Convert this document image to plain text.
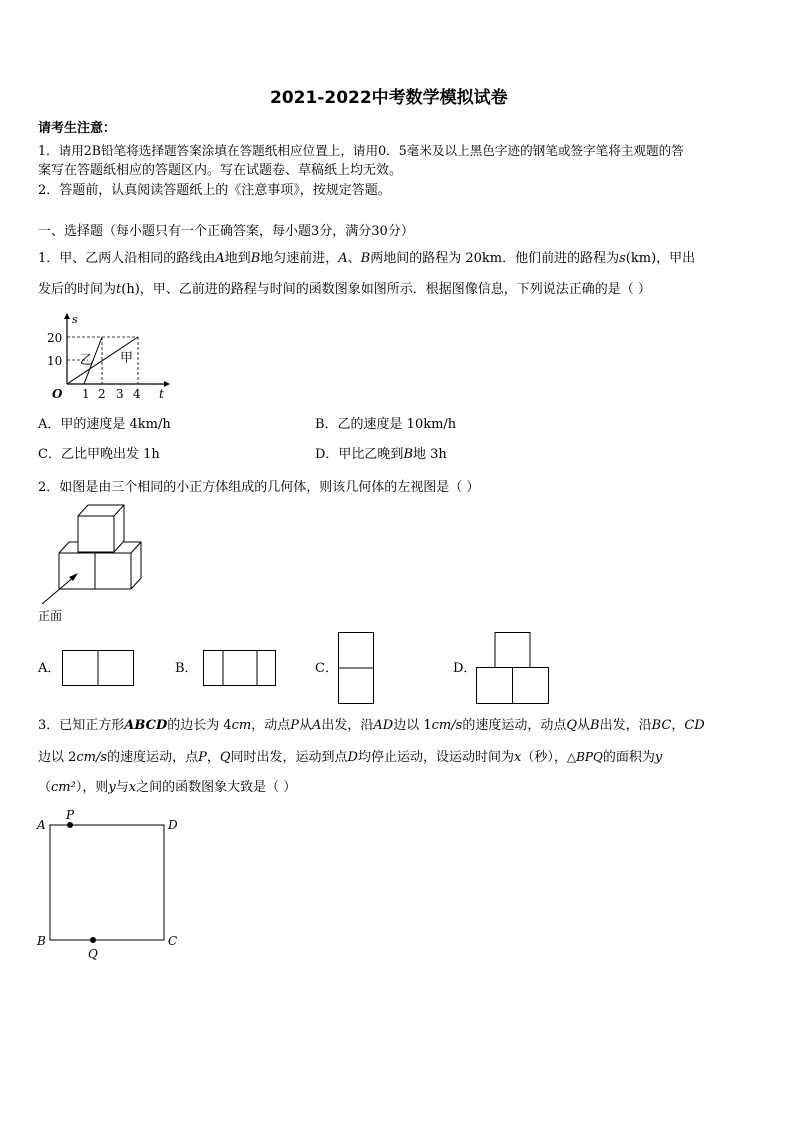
2021-2022中考数学模拟试卷
请考生注意：
1．请用2B铅笔将选择题答案涂填在答题纸相应位置上，请用0．5毫米及以上黑色字迹的钢笔或签字笔将主观题的答
案写在答题纸相应的答题区内。写在试题卷、草稿纸上均无效。
2．答题前，认真阅读答题纸上的《注意事项》，按规定答题。
一、选择题（每小题只有一个正确答案，每小题3分，满分30分）
1．甲、乙两人沿相同的路线由A地到B地匀速前进，A、B两地间的路程为 20km．他们前进的路程为s(km)，甲出
发后的时间为t(h)，甲、乙前进的路程与时间的函数图象如图所示．根据图像信息，下列说法正确的是（ ）
s
t
O
20
10
1 2 3 4
乙 甲
A．甲的速度是 4km/h	B．乙的速度是 10km/h
C．乙比甲晚出发 1h	D．甲比乙晚到B地 3h
2．如图是由三个相同的小正方体组成的几何体，则该几何体的左视图是（ ）
正面
A．	B．	C．	D．
3．已知正方形ABCD的边长为 4cm，动点P从A出发，沿AD边以 1cm/s的速度运动，动点Q从B出发，沿BC，CD
边以 2cm/s的速度运动，点P，Q同时出发，运动到点D均停止运动，设运动时间为x（秒），△BPQ的面积为y
（cm²），则y与x之间的函数图象大致是（ ）
A
P
D
B
Q
C
